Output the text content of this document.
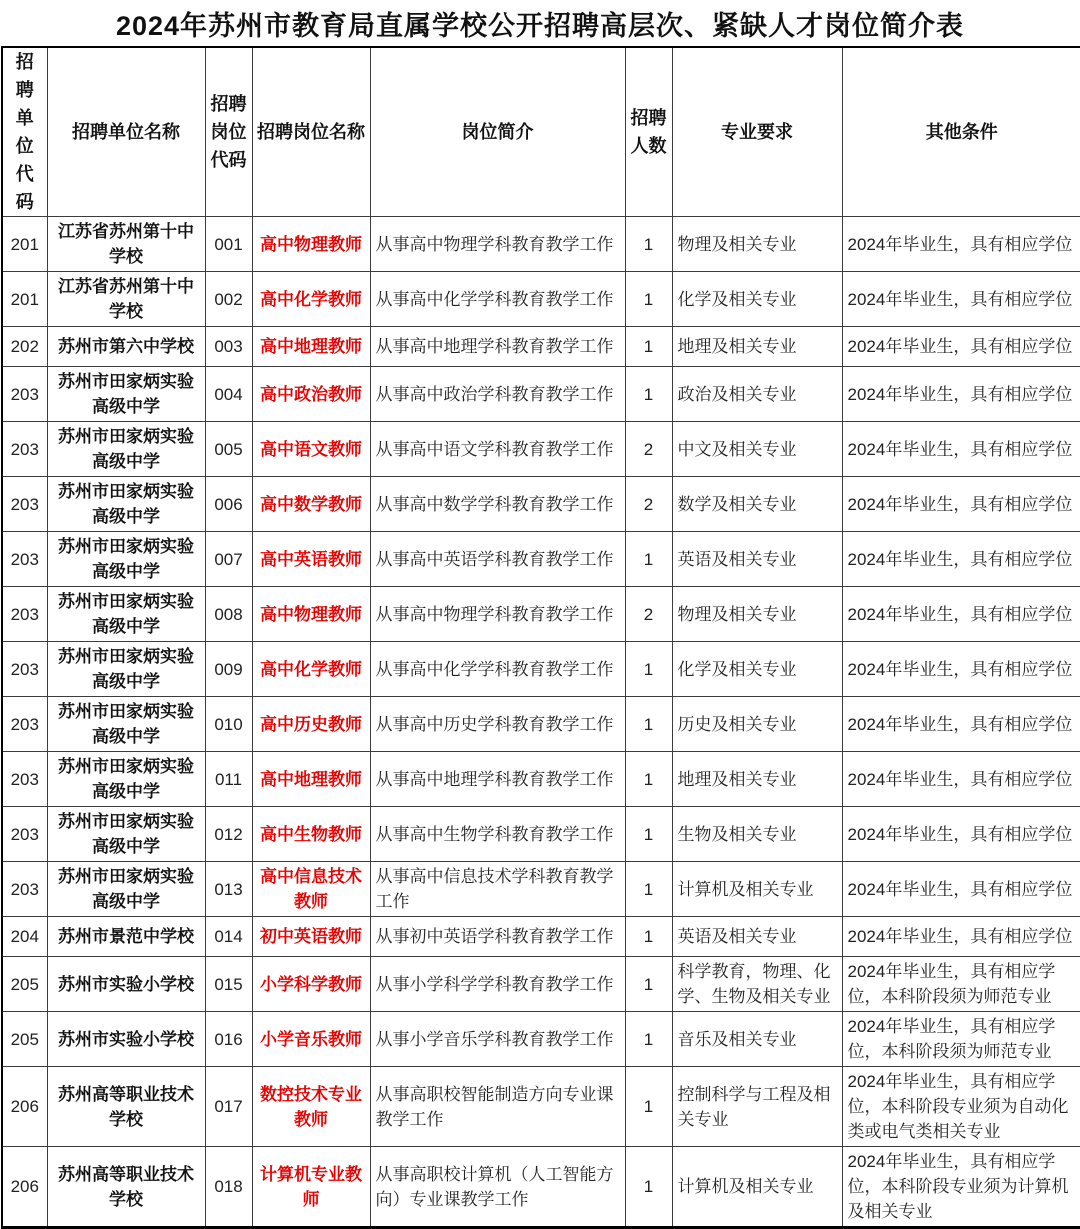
2024年苏州市教育局直属学校公开招聘高层次、紧缺人才岗位简介表
招聘单位代码	招聘单位名称	招聘岗位代码	招聘岗位名称	岗位简介	招聘人数	专业要求	其他条件
201	江苏省苏州第十中学校	001	高中物理教师	从事高中物理学科教育教学工作	1	物理及相关专业	2024年毕业生，具有相应学位
201	江苏省苏州第十中学校	002	高中化学教师	从事高中化学学科教育教学工作	1	化学及相关专业	2024年毕业生，具有相应学位
202	苏州市第六中学校	003	高中地理教师	从事高中地理学科教育教学工作	1	地理及相关专业	2024年毕业生，具有相应学位
203	苏州市田家炳实验高级中学	004	高中政治教师	从事高中政治学科教育教学工作	1	政治及相关专业	2024年毕业生，具有相应学位
203	苏州市田家炳实验高级中学	005	高中语文教师	从事高中语文学科教育教学工作	2	中文及相关专业	2024年毕业生，具有相应学位
203	苏州市田家炳实验高级中学	006	高中数学教师	从事高中数学学科教育教学工作	2	数学及相关专业	2024年毕业生，具有相应学位
203	苏州市田家炳实验高级中学	007	高中英语教师	从事高中英语学科教育教学工作	1	英语及相关专业	2024年毕业生，具有相应学位
203	苏州市田家炳实验高级中学	008	高中物理教师	从事高中物理学科教育教学工作	2	物理及相关专业	2024年毕业生，具有相应学位
203	苏州市田家炳实验高级中学	009	高中化学教师	从事高中化学学科教育教学工作	1	化学及相关专业	2024年毕业生，具有相应学位
203	苏州市田家炳实验高级中学	010	高中历史教师	从事高中历史学科教育教学工作	1	历史及相关专业	2024年毕业生，具有相应学位
203	苏州市田家炳实验高级中学	011	高中地理教师	从事高中地理学科教育教学工作	1	地理及相关专业	2024年毕业生，具有相应学位
203	苏州市田家炳实验高级中学	012	高中生物教师	从事高中生物学科教育教学工作	1	生物及相关专业	2024年毕业生，具有相应学位
203	苏州市田家炳实验高级中学	013	高中信息技术教师	从事高中信息技术学科教育教学工作	1	计算机及相关专业	2024年毕业生，具有相应学位
204	苏州市景范中学校	014	初中英语教师	从事初中英语学科教育教学工作	1	英语及相关专业	2024年毕业生，具有相应学位
205	苏州市实验小学校	015	小学科学教师	从事小学科学学科教育教学工作	1	科学教育，物理、化学、生物及相关专业	2024年毕业生，具有相应学位，本科阶段须为师范专业
205	苏州市实验小学校	016	小学音乐教师	从事小学音乐学科教育教学工作	1	音乐及相关专业	2024年毕业生，具有相应学位，本科阶段须为师范专业
206	苏州高等职业技术学校	017	数控技术专业教师	从事高职校智能制造方向专业课教学工作	1	控制科学与工程及相关专业	2024年毕业生，具有相应学位，本科阶段专业须为自动化类或电气类相关专业
206	苏州高等职业技术学校	018	计算机专业教师	从事高职校计算机（人工智能方向）专业课教学工作	1	计算机及相关专业	2024年毕业生，具有相应学位，本科阶段专业须为计算机及相关专业
